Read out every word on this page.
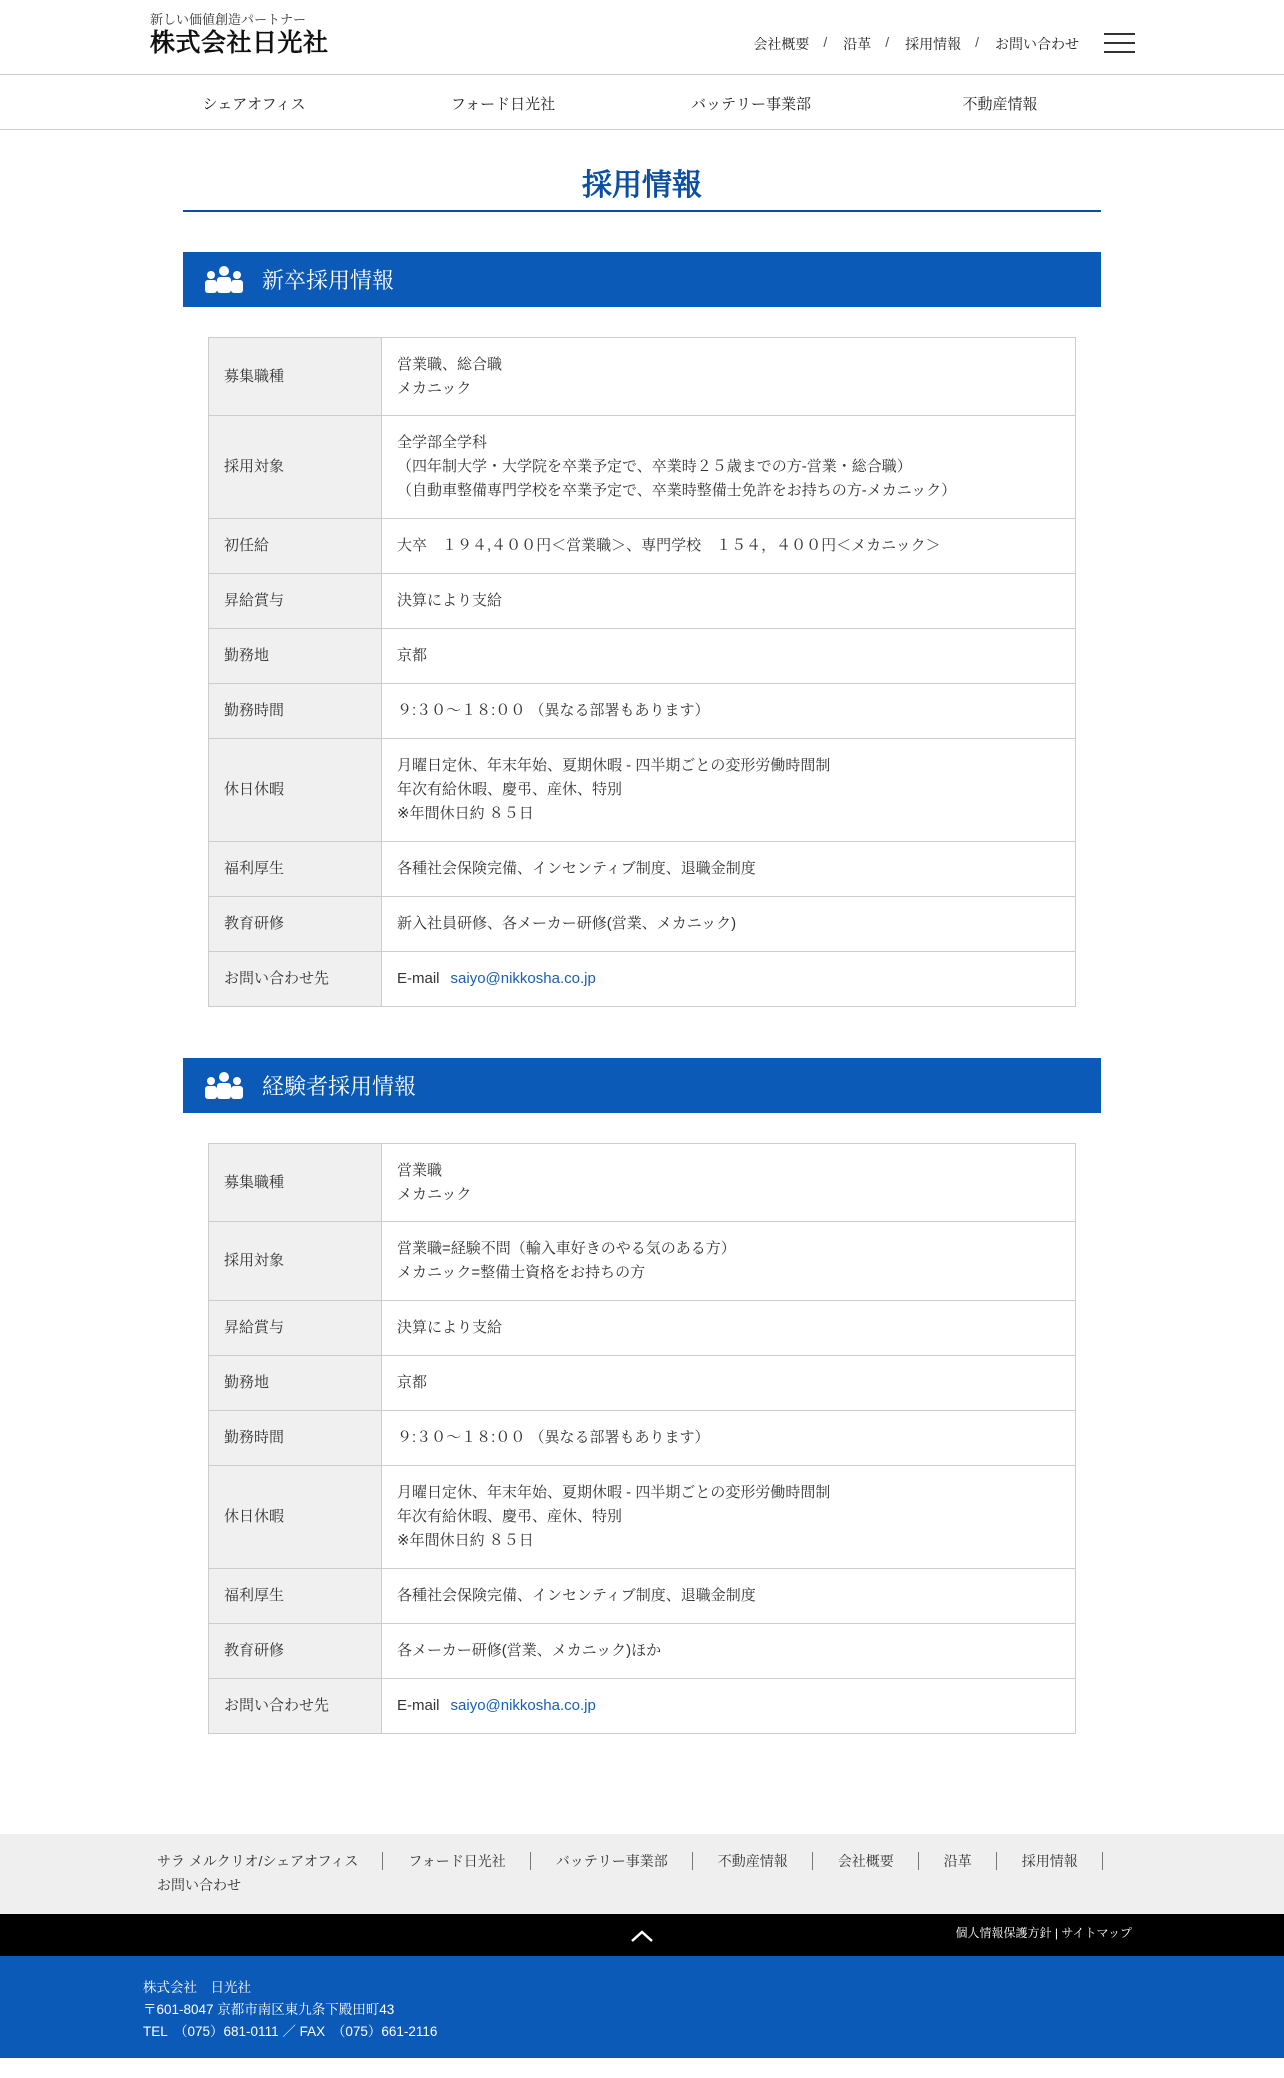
新しい価値創造パートナー
株式会社日光社	会社概要 / 沿革 / 採用情報 / お問い合わせ
シェアオフィス	フォード日光社	バッテリー事業部	不動産情報
採用情報
新卒採用情報
募集職種	営業職、総合職
メカニック

採用対象	全学部全学科
（四年制大学・大学院を卒業予定で、卒業時２５歳までの方-営業・総合職）
（自動車整備専門学校を卒業予定で、卒業時整備士免許をお持ちの方-メカニック）

初任給	大卒　１９４,４００円＜営業職＞、専門学校　１５４，４００円＜メカニック＞

昇給賞与	決算により支給

勤務地	京都

勤務時間	９:３０～１８:００ （異なる部署もあります）

休日休暇	月曜日定休、年末年始、夏期休暇 - 四半期ごとの変形労働時間制
年次有給休暇、慶弔、産休、特別
※年間休日約 ８５日

福利厚生	各種社会保険完備、インセンティブ制度、退職金制度

教育研修	新入社員研修、各メーカー研修(営業、メカニック)

お問い合わせ先	E-mail saiyo@nikkosha.co.jp
経験者採用情報
募集職種	営業職
メカニック

採用対象	営業職=経験不問（輸入車好きのやる気のある方）
メカニック=整備士資格をお持ちの方

昇給賞与	決算により支給

勤務地	京都

勤務時間	９:３０～１８:００ （異なる部署もあります）

休日休暇	月曜日定休、年末年始、夏期休暇 - 四半期ごとの変形労働時間制
年次有給休暇、慶弔、産休、特別
※年間休日約 ８５日

福利厚生	各種社会保険完備、インセンティブ制度、退職金制度

教育研修	各メーカー研修(営業、メカニック)ほか

お問い合わせ先	E-mail saiyo@nikkosha.co.jp
サラ メルクリオ/シェアオフィス	フォード日光社	バッテリー事業部	不動産情報	会社概要	沿革	採用情報
お問い合わせ
個人情報保護方針 | サイトマップ
株式会社　日光社
〒601-8047 京都市南区東九条下殿田町43
TEL　（075）681-0111 ／ FAX　（075）661-2116
